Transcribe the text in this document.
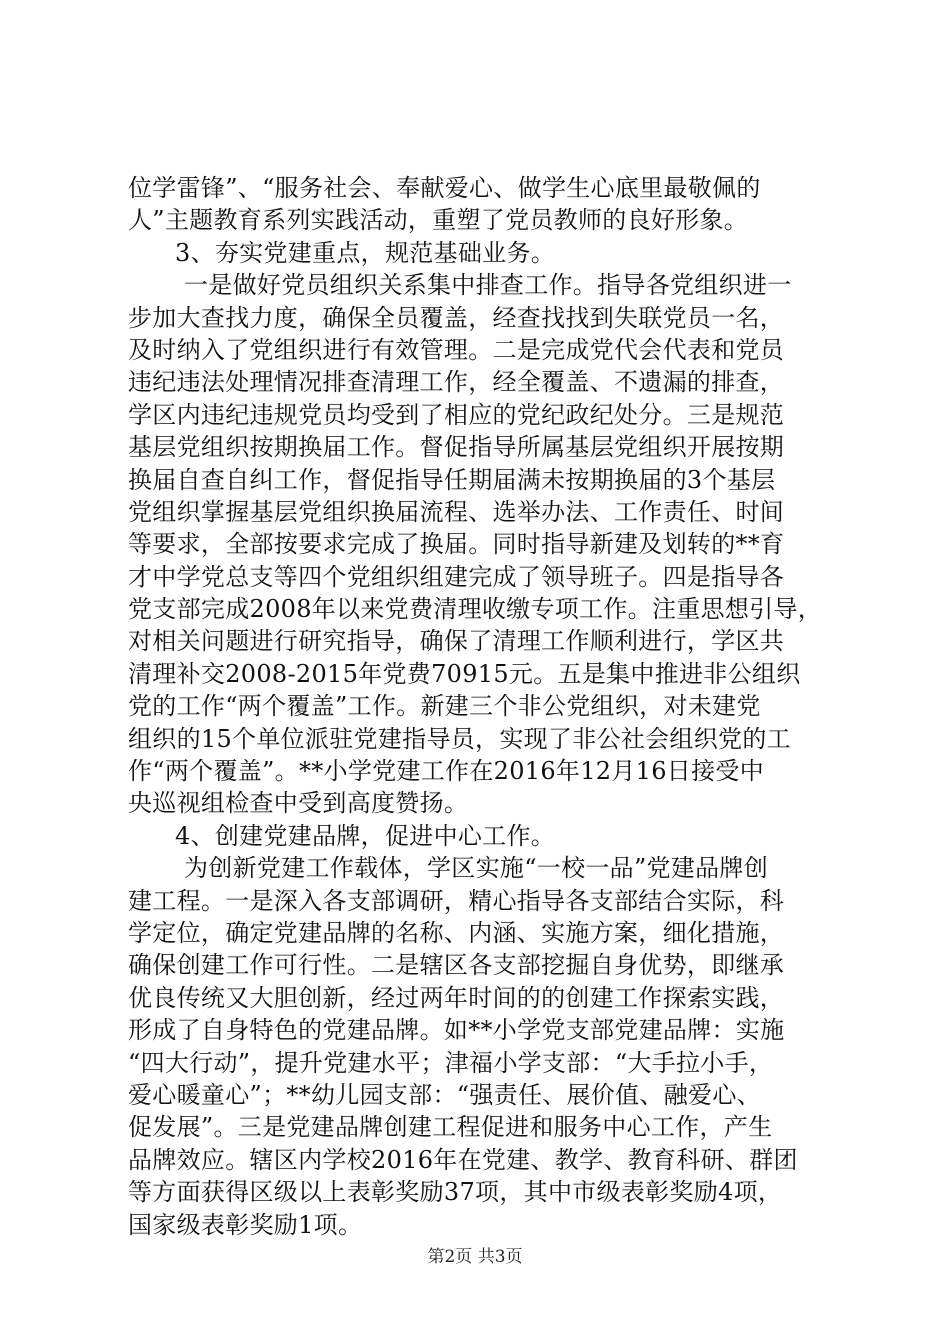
位学雷锋”、“服务社会、奉献爱心、做学生心底里最敬佩的
人”主题教育系列实践活动，重塑了党员教师的良好形象。
3、夯实党建重点，规范基础业务。
一是做好党员组织关系集中排查工作。指导各党组织进一
步加大查找力度，确保全员覆盖，经查找找到失联党员一名，
及时纳入了党组织进行有效管理。二是完成党代会代表和党员
违纪违法处理情况排查清理工作，经全覆盖、不遗漏的排查，
学区内违纪违规党员均受到了相应的党纪政纪处分。三是规范
基层党组织按期换届工作。督促指导所属基层党组织开展按期
换届自查自纠工作，督促指导任期届满未按期换届的3个基层
党组织掌握基层党组织换届流程、选举办法、工作责任、时间
等要求，全部按要求完成了换届。同时指导新建及划转的**育
才中学党总支等四个党组织组建完成了领导班子。四是指导各
党支部完成2008年以来党费清理收缴专项工作。注重思想引导，
对相关问题进行研究指导，确保了清理工作顺利进行，学区共
清理补交2008-2015年党费70915元。五是集中推进非公组织
党的工作“两个覆盖”工作。新建三个非公党组织，对未建党
组织的15个单位派驻党建指导员，实现了非公社会组织党的工
作“两个覆盖”。**小学党建工作在2016年12月16日接受中
央巡视组检查中受到高度赞扬。
4、创建党建品牌，促进中心工作。
为创新党建工作载体，学区实施“一校一品”党建品牌创
建工程。一是深入各支部调研，精心指导各支部结合实际，科
学定位，确定党建品牌的名称、内涵、实施方案，细化措施，
确保创建工作可行性。二是辖区各支部挖掘自身优势，即继承
优良传统又大胆创新，经过两年时间的的创建工作探索实践，
形成了自身特色的党建品牌。如**小学党支部党建品牌：实施
“四大行动”，提升党建水平；津福小学支部：“大手拉小手，
爱心暖童心”；**幼儿园支部：“强责任、展价值、融爱心、
促发展”。三是党建品牌创建工程促进和服务中心工作，产生
品牌效应。辖区内学校2016年在党建、教学、教育科研、群团
等方面获得区级以上表彰奖励37项，其中市级表彰奖励4项，
国家级表彰奖励1项。
第2页 共3页
